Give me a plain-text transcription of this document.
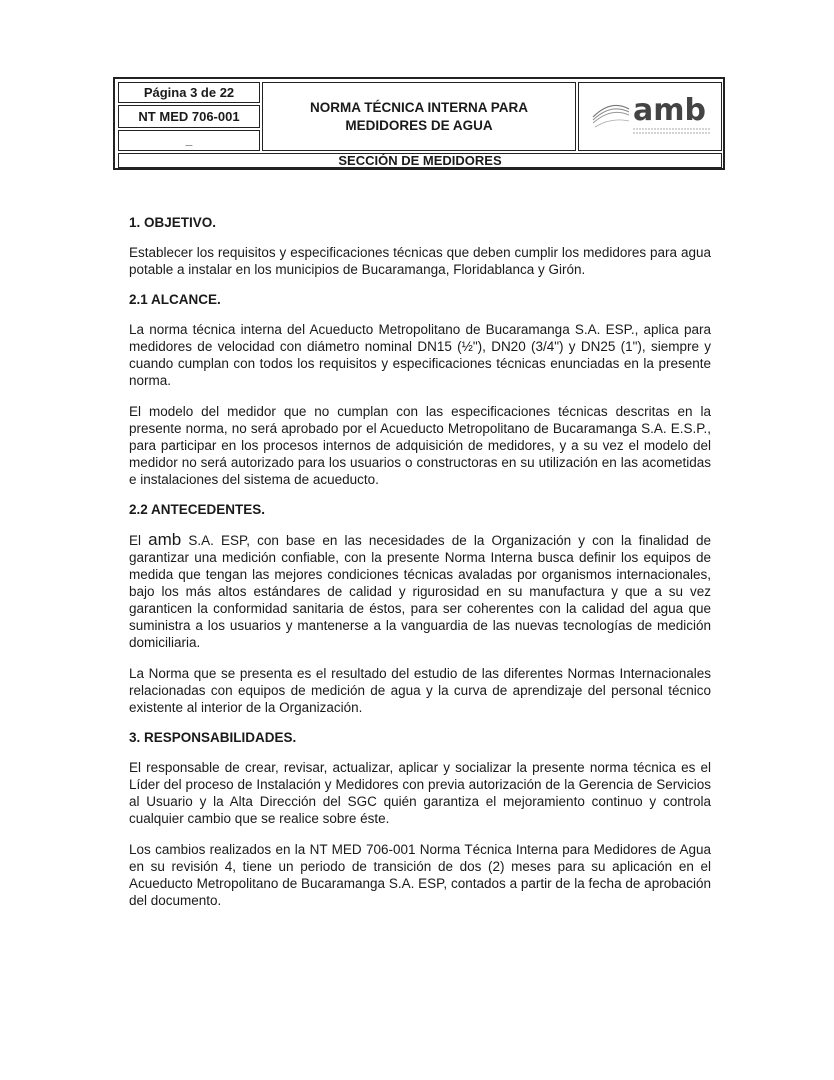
Página 3 de 22
NT MED 706-001
_
NORMA TÉCNICA INTERNA PARA
MEDIDORES DE AGUA	amb
SECCIÓN DE MEDIDORES

1. OBJETIVO.

Establecer los requisitos y especificaciones técnicas que deben cumplir los medidores para agua potable a instalar en los municipios de Bucaramanga, Floridablanca y Girón.

2.1 ALCANCE.

La norma técnica interna del Acueducto Metropolitano de Bucaramanga S.A. ESP., aplica para medidores de velocidad con diámetro nominal DN15 (½"), DN20 (3/4") y DN25 (1"), siempre y cuando cumplan con todos los requisitos y especificaciones técnicas enunciadas en la presente norma.

El modelo del medidor que no cumplan con las especificaciones técnicas descritas en la presente norma, no será aprobado por el Acueducto Metropolitano de Bucaramanga S.A. E.S.P., para participar en los procesos internos de adquisición de medidores, y a su vez el modelo del medidor no será autorizado para los usuarios o constructoras en su utilización en las acometidas e instalaciones del sistema de acueducto.

2.2 ANTECEDENTES.

El amb S.A. ESP, con base en las necesidades de la Organización y con la finalidad de garantizar una medición confiable, con la presente Norma Interna busca definir los equipos de medida que tengan las mejores condiciones técnicas avaladas por organismos internacionales, bajo los más altos estándares de calidad y rigurosidad en su manufactura y que a su vez garanticen la conformidad sanitaria de éstos, para ser coherentes con la calidad del agua que suministra a los usuarios y mantenerse a la vanguardia de las nuevas tecnologías de medición domiciliaria.

La Norma que se presenta es el resultado del estudio de las diferentes Normas Internacionales relacionadas con equipos de medición de agua y la curva de aprendizaje del personal técnico existente al interior de la Organización.

3. RESPONSABILIDADES.

El responsable de crear, revisar, actualizar, aplicar y socializar la presente norma técnica es el Líder del proceso de Instalación y Medidores con previa autorización de la Gerencia de Servicios al Usuario y la Alta Dirección del SGC quién garantiza el mejoramiento continuo y controla cualquier cambio que se realice sobre éste.

Los cambios realizados en la NT MED 706-001 Norma Técnica Interna para Medidores de Agua en su revisión 4, tiene un periodo de transición de dos (2) meses para su aplicación en el Acueducto Metropolitano de Bucaramanga S.A. ESP, contados a partir de la fecha de aprobación del documento.
